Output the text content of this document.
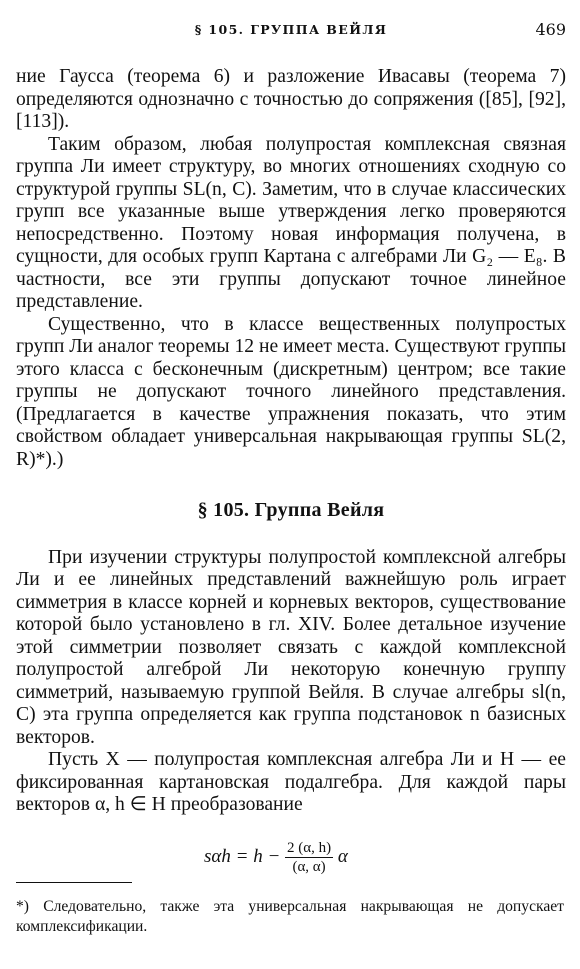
§ 105. ГРУППА ВЕЙЛЯ	469

ние Гаусса (теорема 6) и разложение Ивасавы (теорема 7) определяются однозначно с точностью до сопряжения ([85], [92], [113]).

Таким образом, любая полупростая комплексная связная группа Ли имеет структуру, во многих отношениях сходную со структурой группы SL(n, C). Заметим, что в случае классических групп все указанные выше утверждения легко проверяются непосредственно. Поэтому новая информация получена, в сущности, для особых групп Картана с алгебрами Ли G₂ — E₈. В частности, все эти группы допускают точное линейное представление.

Существенно, что в классе вещественных полупростых групп Ли аналог теоремы 12 не имеет места. Существуют группы этого класса с бесконечным (дискретным) центром; все такие группы не допускают точного линейного представления. (Предлагается в качестве упражнения показать, что этим свойством обладает универсальная накрывающая группы SL(2, R)*).)

§ 105. Группа Вейля

При изучении структуры полупростой комплексной алгебры Ли и ее линейных представлений важнейшую роль играет симметрия в классе корней и корневых векторов, существование которой было установлено в гл. XIV. Более детальное изучение этой симметрии позволяет связать с каждой комплексной полупростой алгеброй Ли некоторую конечную группу симметрий, называемую группой Вейля. В случае алгебры sl(n, C) эта группа определяется как группа подстановок n базисных векторов.

Пусть X — полупростая комплексная алгебра Ли и H — ее фиксированная картановская подалгебра. Для каждой пары векторов α, h ∈ H преобразование

$s\alpha h = h - \frac{2 (\alpha, h)}{(\alpha, \alpha)}$ α
*) Следовательно, также эта универсальная накрывающая не допускает комплексификации.
